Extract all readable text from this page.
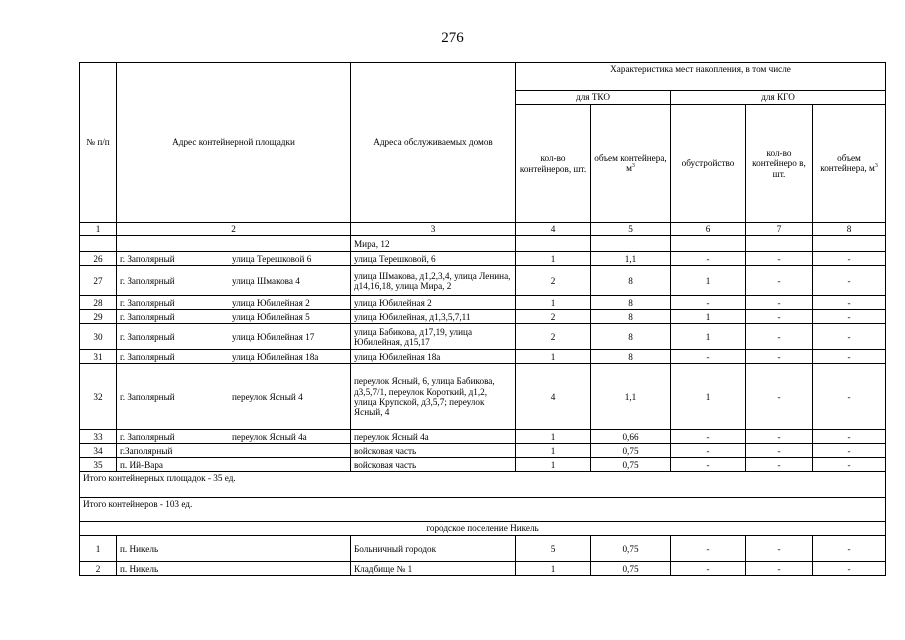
276
№ п/п	Адрес контейнерной площадки	Адреса обслуживаемых домов	Характеристика мест накопления, в том числе				
			для ТКО		для КГО		
			кол-во контейнеров, шт.	объем контейнера, $м^3$	обустройство	кол-во контейнеро в, шт.	объем контейнера, $м^3$
1	2	3	4	5	6	7	8
		Мира, 12					
26	г. Заполярный улица Терешковой 6	улица Терешковой, 6	1	1,1	-	-	-
27	г. Заполярный улица Шмакова 4	улица Шмакова, д1,2,3,4, улица Ленина, д14,16,18, улица Мира, 2	2	8	1	-	-
28	г. Заполярный улица Юбилейная 2	улица Юбилейная 2	1	8	-	-	-
29	г. Заполярный улица Юбилейная 5	улица Юбилейная, д1,3,5,7,11	2	8	1	-	-
30	г. Заполярный улица Юбилейная 17	улица Бабикова, д17,19, улица Юбилейная, д15,17	2	8	1	-	-
31	г. Заполярный улица Юбилейная 18а	улица Юбилейная 18а	1	8	-	-	-
32	г. Заполярный переулок Ясный 4	переулок Ясный, 6, улица Бабикова, д3,5,7/1, переулок Короткий, д1,2, улица Крупской, д3,5,7; переулок Ясный, 4	4	1,1	1	-	-
33	г. Заполярный переулок Ясный 4а	переулок Ясный 4а	1	0,66	-	-	-
34	г.Заполярный	войсковая часть	1	0,75	-	-	-
35	п. Ий-Вара	войсковая часть	1	0,75	-	-	-
Итого контейнерных площадок - 35 ед.							
Итого контейнеров - 103 ед.							
городское поселение Никель							
1	п. Никель	Больничный городок	5	0,75	-	-	-
2	п. Никель	Кладбище № 1	1	0,75	-	-	-
